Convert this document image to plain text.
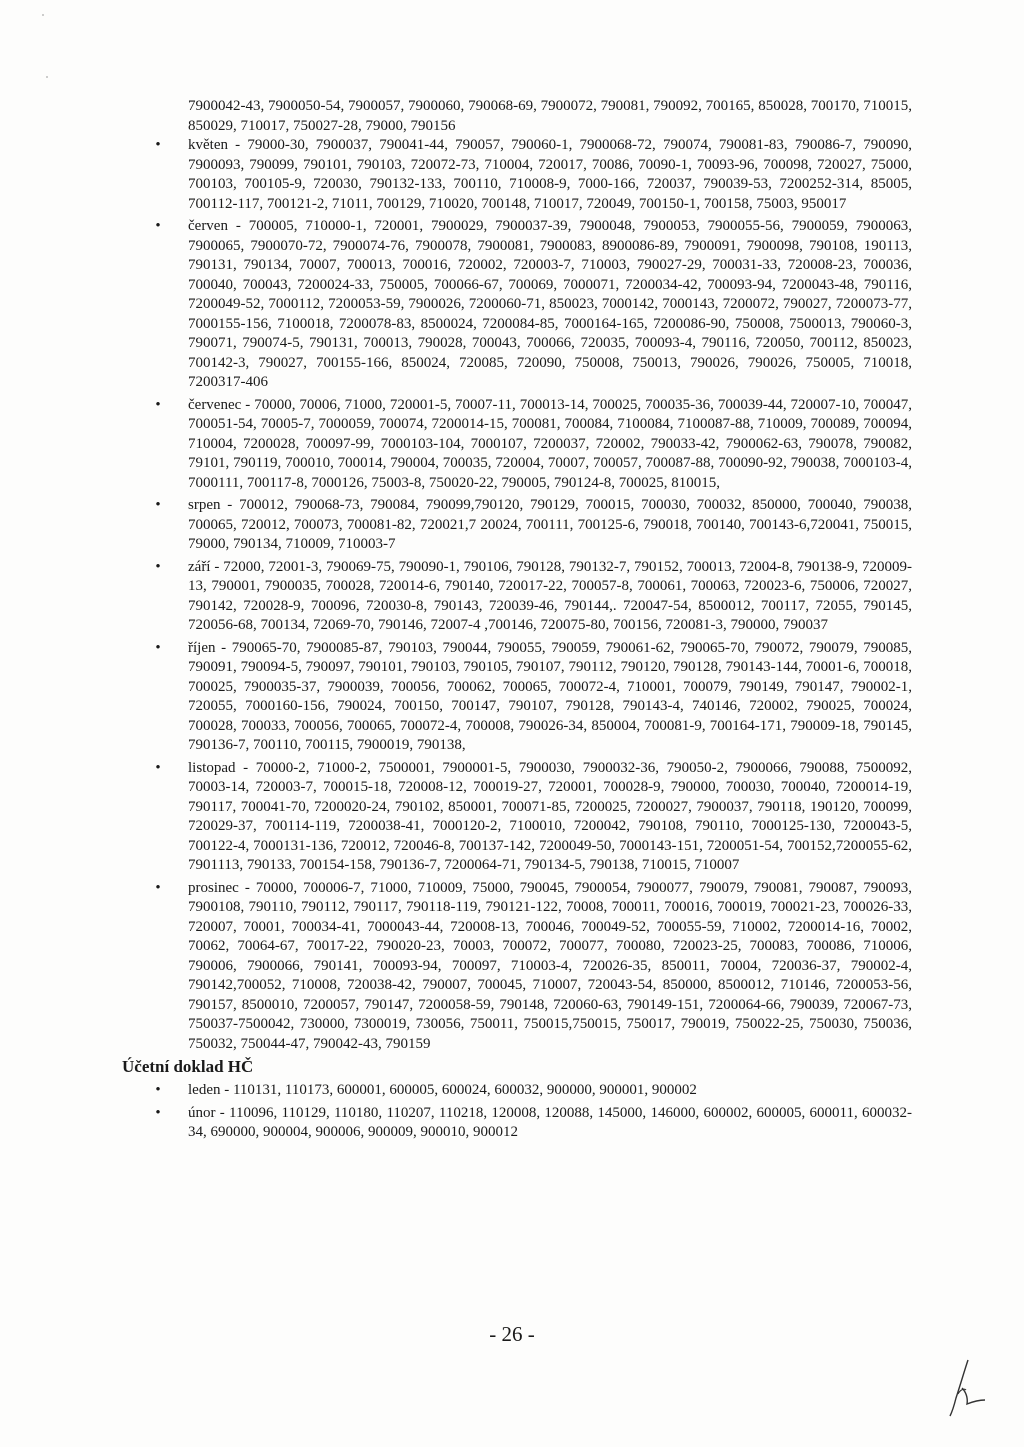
7900042-43, 7900050-54, 7900057, 7900060, 790068-69, 7900072, 790081, 790092, 700165, 850028, 700170, 710015, 850029, 710017, 750027-28, 79000, 790156

• květen - 79000-30, 7900037, 790041-44, 790057, 790060-1, 7900068-72, 790074, 790081-83, 790086-7, 790090, 7900093, 790099, 790101, 790103, 720072-73, 710004, 720017, 70086, 70090-1, 70093-96, 700098, 720027, 75000, 700103, 700105-9, 720030, 790132-133, 700110, 710008-9, 7000-166, 720037, 790039-53, 7200252-314, 85005, 700112-117, 700121-2, 71011, 700129, 710020, 700148, 710017, 720049, 700150-1, 700158, 75003, 950017
• červen - 700005, 710000-1, 720001, 7900029, 7900037-39, 7900048, 7900053, 7900055-56, 7900059, 7900063, 7900065, 7900070-72, 7900074-76, 7900078, 7900081, 7900083, 8900086-89, 7900091, 7900098, 790108, 190113, 790131, 790134, 70007, 700013, 700016, 720002, 720003-7, 710003, 790027-29, 700031-33, 720008-23, 700036, 700040, 700043, 7200024-33, 750005, 700066-67, 700069, 7000071, 7200034-42, 700093-94, 7200043-48, 790116, 7200049-52, 7000112, 7200053-59, 7900026, 7200060-71, 850023, 7000142, 7000143, 7200072, 790027, 7200073-77, 7000155-156, 7100018, 7200078-83, 8500024, 7200084-85, 7000164-165, 7200086-90, 750008, 7500013, 790060-3, 790071, 790074-5, 790131, 700013, 790028, 700043, 700066, 720035, 700093-4, 790116, 720050, 700112, 850023, 700142-3, 790027, 700155-166, 850024, 720085, 720090, 750008, 750013, 790026, 790026, 750005, 710018, 7200317-406
• červenec - 70000, 70006, 71000, 720001-5, 70007-11, 700013-14, 700025, 700035-36, 700039-44, 720007-10, 700047, 700051-54, 70005-7, 7000059, 700074, 7200014-15, 700081, 700084, 7100084, 7100087-88, 710009, 700089, 700094, 710004, 7200028, 700097-99, 7000103-104, 7000107, 7200037, 720002, 790033-42, 7900062-63, 790078, 790082, 79101, 790119, 700010, 700014, 790004, 700035, 720004, 70007, 700057, 700087-88, 700090-92, 790038, 7000103-4, 7000111, 700117-8, 7000126, 75003-8, 750020-22, 790005, 790124-8, 700025, 810015,
• srpen - 700012, 790068-73, 790084, 790099,790120, 790129, 700015, 700030, 700032, 850000, 700040, 790038, 700065, 720012, 700073, 700081-82, 720021,7 20024, 700111, 700125-6, 790018, 700140, 700143-6,720041, 750015, 79000, 790134, 710009, 710003-7
• září - 72000, 72001-3, 790069-75, 790090-1, 790106, 790128, 790132-7, 790152, 700013, 72004-8, 790138-9, 720009-13, 790001, 7900035, 700028, 720014-6, 790140, 720017-22, 700057-8, 700061, 700063, 720023-6, 750006, 720027, 790142, 720028-9, 700096, 720030-8, 790143, 720039-46, 790144,. 720047-54, 8500012, 700117, 72055, 790145, 720056-68, 700134, 72069-70, 790146, 72007-4 ,700146, 720075-80, 700156, 720081-3, 790000, 790037
• říjen - 790065-70, 7900085-87, 790103, 790044, 790055, 790059, 790061-62, 790065-70, 790072, 790079, 790085, 790091, 790094-5, 790097, 790101, 790103, 790105, 790107, 790112, 790120, 790128, 790143-144, 70001-6, 700018, 700025, 7900035-37, 7900039, 700056, 700062, 700065, 700072-4, 710001, 700079, 790149, 790147, 790002-1, 720055, 7000160-156, 790024, 700150, 700147, 790107, 790128, 790143-4, 740146, 720002, 790025, 700024, 700028, 700033, 700056, 700065, 700072-4, 700008, 790026-34, 850004, 700081-9, 700164-171, 790009-18, 790145, 790136-7, 700110, 700115, 7900019, 790138,
• listopad - 70000-2, 71000-2, 7500001, 7900001-5, 7900030, 7900032-36, 790050-2, 7900066, 790088, 7500092, 70003-14, 720003-7, 700015-18, 720008-12, 700019-27, 720001, 700028-9, 790000, 700030, 700040, 7200014-19, 790117, 700041-70, 7200020-24, 790102, 850001, 700071-85, 7200025, 7200027, 7900037, 790118, 190120, 700099, 720029-37, 700114-119, 7200038-41, 7000120-2, 7100010, 7200042, 790108, 790110, 7000125-130, 7200043-5, 700122-4, 7000131-136, 720012, 720046-8, 700137-142, 7200049-50, 7000143-151, 7200051-54, 700152,7200055-62, 7901113, 790133, 700154-158, 790136-7, 7200064-71, 790134-5, 790138, 710015, 710007
• prosinec - 70000, 700006-7, 71000, 710009, 75000, 790045, 7900054, 7900077, 790079, 790081, 790087, 790093, 7900108, 790110, 790112, 790117, 790118-119, 790121-122, 70008, 700011, 700016, 700019, 700021-23, 700026-33, 720007, 70001, 700034-41, 7000043-44, 720008-13, 700046, 700049-52, 700055-59, 710002, 7200014-16, 70002, 70062, 70064-67, 70017-22, 790020-23, 70003, 700072, 700077, 700080, 720023-25, 700083, 700086, 710006, 790006, 7900066, 790141, 700093-94, 700097, 710003-4, 720026-35, 850011, 70004, 720036-37, 790002-4, 790142,700052, 710008, 720038-42, 790007, 700045, 710007, 720043-54, 850000, 8500012, 710146, 7200053-56, 790157, 8500010, 7200057, 790147, 7200058-59, 790148, 720060-63, 790149-151, 7200064-66, 790039, 720067-73, 750037-7500042, 730000, 7300019, 730056, 750011, 750015,750015, 750017, 790019, 750022-25, 750030, 750036, 750032, 750044-47, 790042-43, 790159
Účetní doklad HČ
• leden - 110131, 110173, 600001, 600005, 600024, 600032, 900000, 900001, 900002
• únor - 110096, 110129, 110180, 110207, 110218, 120008, 120088, 145000, 146000, 600002, 600005, 600011, 600032-34, 690000, 900004, 900006, 900009, 900010, 900012
- 26 -
